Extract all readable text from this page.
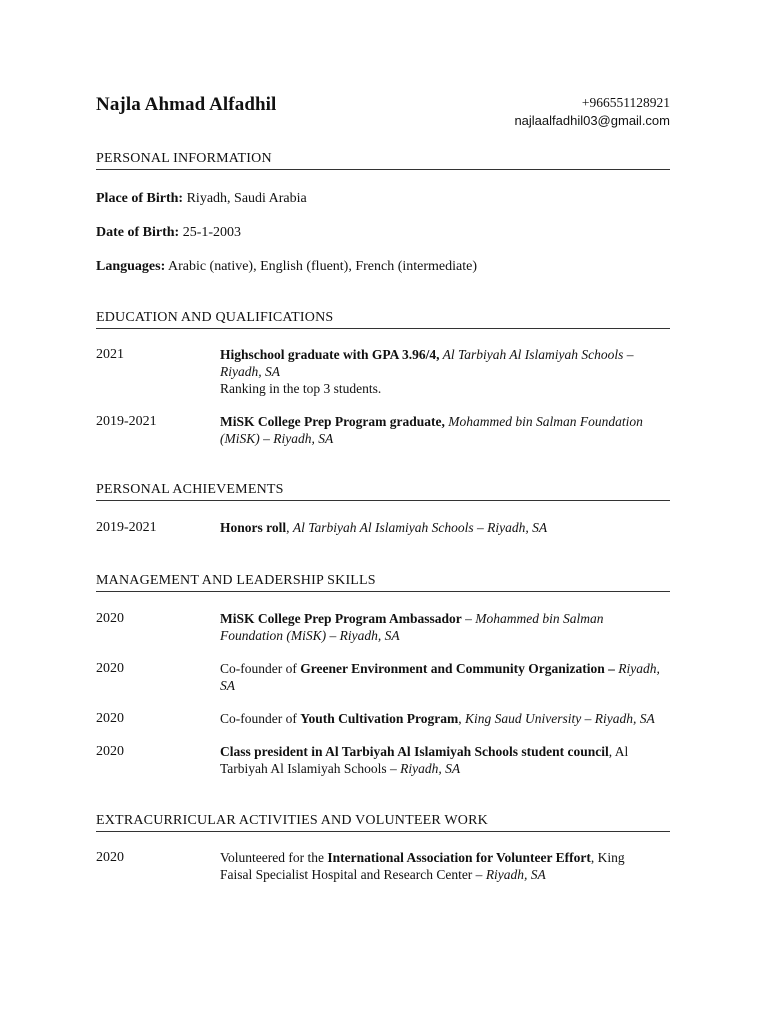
Najla Ahmad Alfadhil	+966551128921
najlaalfadhil03@gmail.com
PERSONAL INFORMATION
Place of Birth: Riyadh, Saudi Arabia
Date of Birth: 25-1-2003
Languages: Arabic (native), English (fluent), French (intermediate)
EDUCATION AND QUALIFICATIONS
2021	Highschool graduate with GPA 3.96/4, Al Tarbiyah Al Islamiyah Schools – Riyadh, SA
Ranking in the top 3 students.
2019-2021	MiSK College Prep Program graduate, Mohammed bin Salman Foundation (MiSK) – Riyadh, SA
PERSONAL ACHIEVEMENTS
2019-2021	Honors roll, Al Tarbiyah Al Islamiyah Schools – Riyadh, SA
MANAGEMENT AND LEADERSHIP SKILLS
2020	MiSK College Prep Program Ambassador – Mohammed bin Salman Foundation (MiSK) – Riyadh, SA
2020	Co-founder of Greener Environment and Community Organization – Riyadh, SA
2020	Co-founder of Youth Cultivation Program, King Saud University – Riyadh, SA
2020	Class president in Al Tarbiyah Al Islamiyah Schools student council, Al Tarbiyah Al Islamiyah Schools – Riyadh, SA
EXTRACURRICULAR ACTIVITIES AND VOLUNTEER WORK
2020	Volunteered for the International Association for Volunteer Effort, King Faisal Specialist Hospital and Research Center – Riyadh, SA
